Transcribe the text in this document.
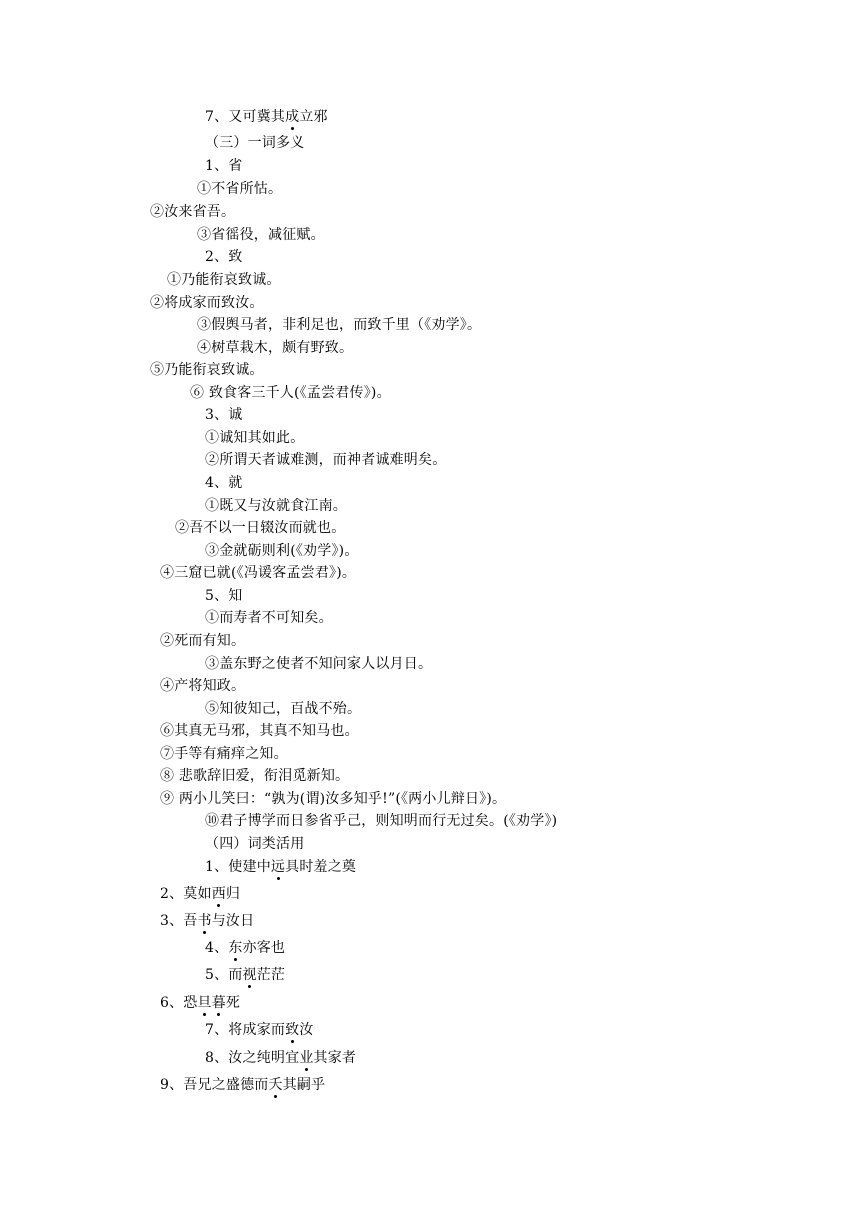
7、又可冀其成立邪
（三）一词多义
1、省
①不省所怙。
②汝来省吾。
③省徭役，减征赋。
2、致
①乃能衔哀致诚。
②将成家而致汝。
③假舆马者，非利足也，而致千里（《劝学》。
④树草栽木，颇有野致。
⑤乃能衔哀致诚。
⑥ 致食客三千人(《孟尝君传》)。
3、诚
①诚知其如此。
②所谓天者诚难测，而神者诚难明矣。
4、就
①既又与汝就食江南。
②吾不以一日辍汝而就也。
③金就砺则利(《劝学》)。
④三窟已就(《冯谖客孟尝君》)。
5、知
①而寿者不可知矣。
②死而有知。
③盖东野之使者不知问家人以月日。
④产将知政。
⑤知彼知己，百战不殆。
⑥其真无马邪，其真不知马也。
⑦手等有痛痒之知。
⑧ 悲歌辞旧爱，衔泪觅新知。
⑨ 两小儿笑曰：“孰为(谓)汝多知乎!”(《两小儿辩日》)。
⑩君子博学而日参省乎己，则知明而行无过矣。(《劝学》)
（四）词类活用
1、使建中远具时羞之奠
2、莫如西归
3、吾书与汝日
4、东亦客也
5、而视茫茫
6、恐旦暮死
7、将成家而致汝
8、汝之纯明宜业其家者
9、吾兄之盛德而夭其嗣乎
